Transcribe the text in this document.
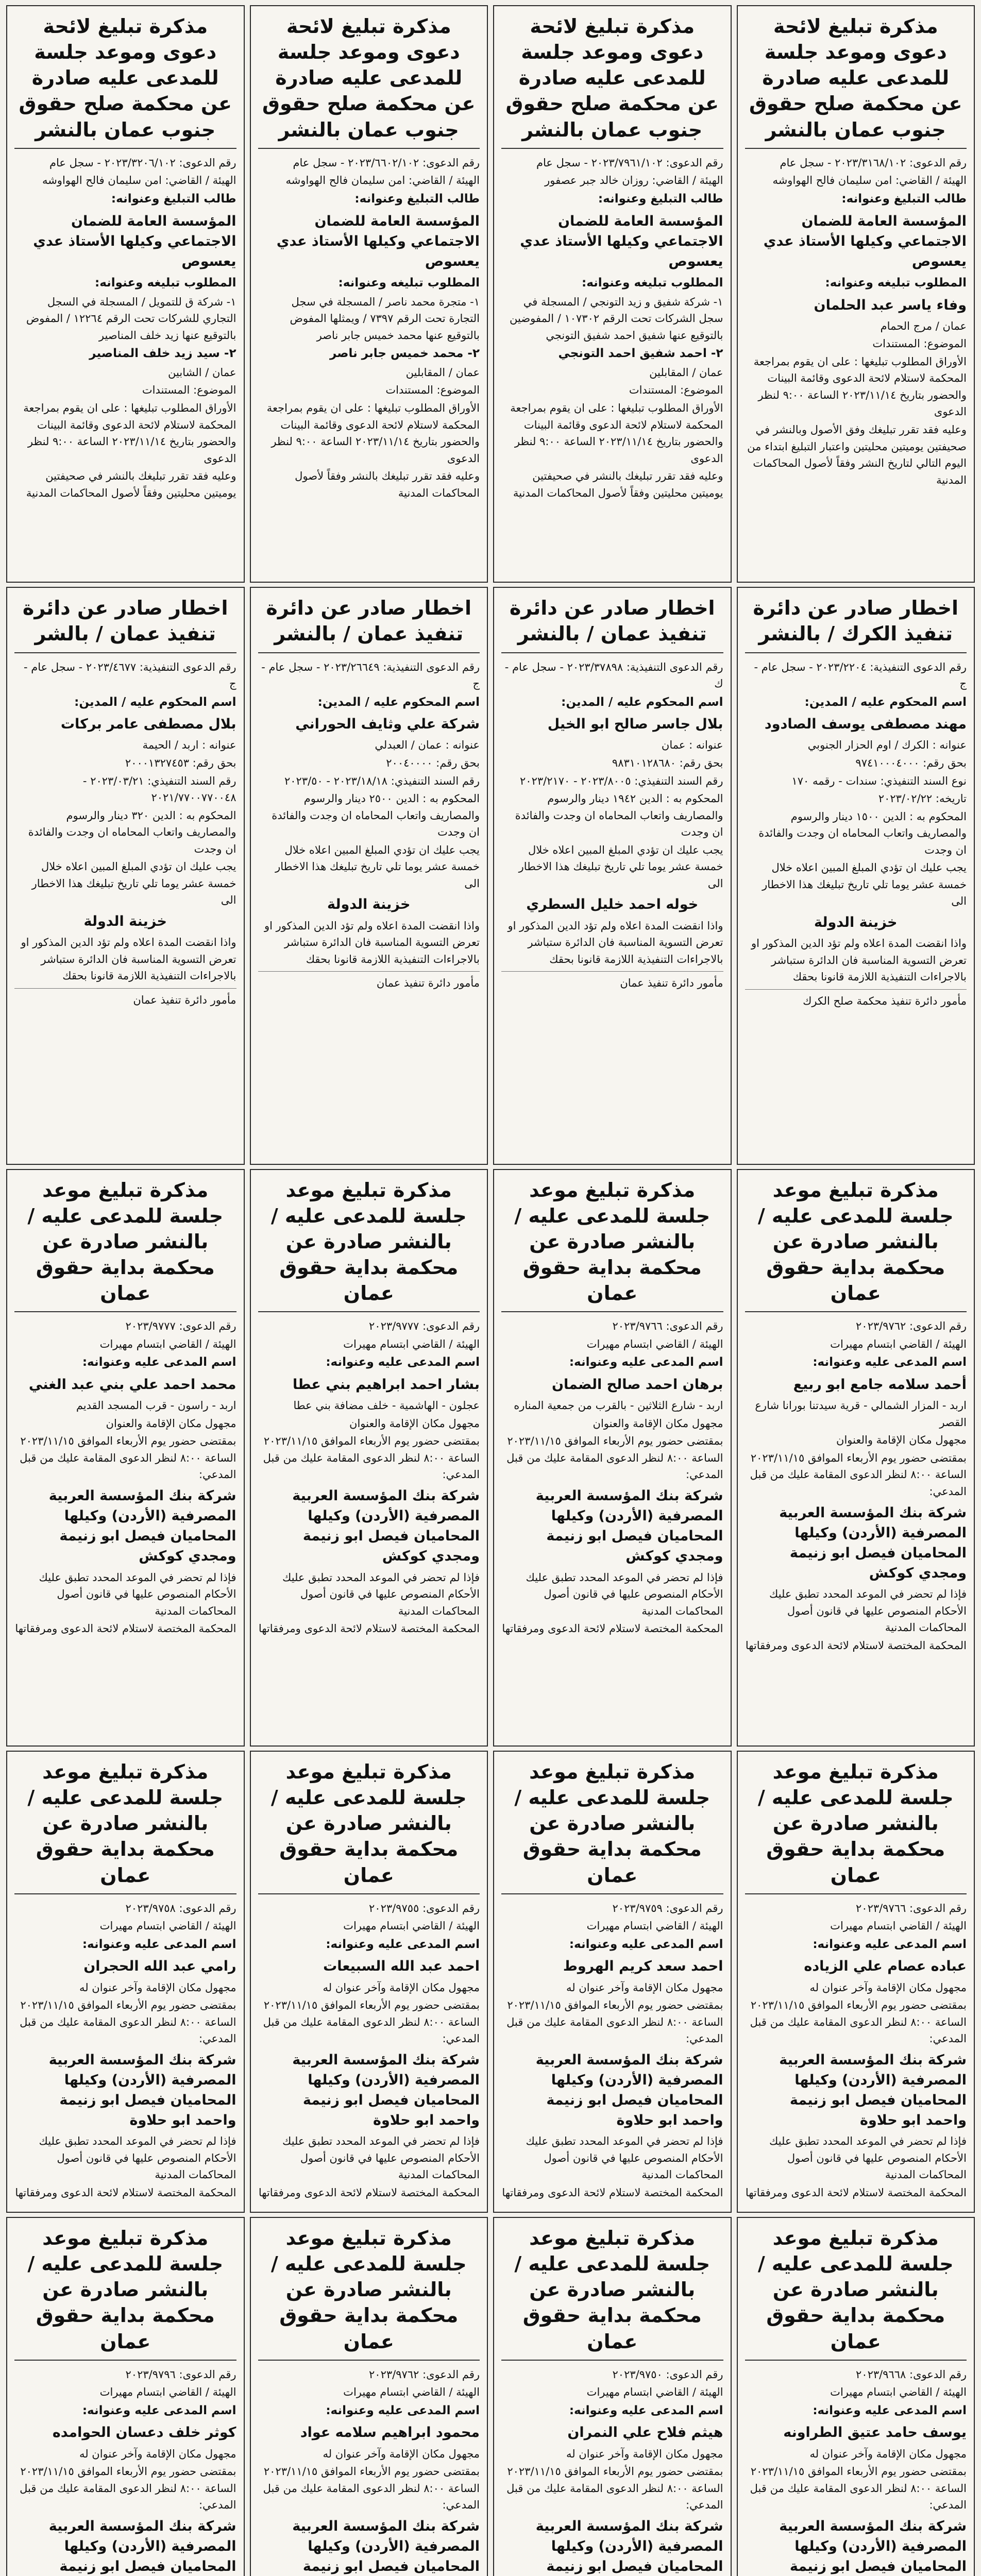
مذكرة تبليغ لائحة دعوى وموعد جلسة للمدعى عليه صادرة عن محكمة صلح حقوق جنوب عمان بالنشر
رقم الدعوى: ٢٠٢٣/٣١٦٨/١٠٢ - سجل عام
الهيئة / القاضي: امن سليمان فالح الهواوشه
طالب التبليغ وعنوانه:
المؤسسة العامة للضمان الاجتماعي وكيلها الأستاذ عدي يعسوص
المطلوب تبليغه وعنوانه:
وفاء ياسر عبد الحلمان
عمان / مرج الحمام
الموضوع: المستندات
الأوراق المطلوب تبليغها : على ان يقوم بمراجعة المحكمة لاستلام لائحة الدعوى وقائمة البينات والحضور بتاريخ ٢٠٢٣/١١/١٤ الساعة ٩:٠٠ لنظر الدعوى
وعليه فقد تقرر تبليغك وفق الأصول وبالنشر في صحيفتين يوميتين محليتين واعتبار التبليغ ابتداء من اليوم التالي لتاريخ النشر وفقاً لأصول المحاكمات المدنية
مذكرة تبليغ لائحة دعوى وموعد جلسة للمدعى عليه صادرة عن محكمة صلح حقوق جنوب عمان بالنشر
رقم الدعوى: ٢٠٢٣/٧٩٦١/١٠٢ - سجل عام
الهيئة / القاضي: روزان خالد جبر عصفور
طالب التبليغ وعنوانه:
المؤسسة العامة للضمان الاجتماعي وكيلها الأستاذ عدي يعسوص
المطلوب تبليغه وعنوانه:
١- شركة شفيق و زيد التونجي / المسجلة في سجل الشركات تحت الرقم ١٠٧٣٠٢ / المفوضين بالتوقيع عنها شفيق احمد شفيق التونجي
٢- احمد شفيق احمد التونجي
عمان / المقابلين
الموضوع: المستندات
الأوراق المطلوب تبليغها : على ان يقوم بمراجعة المحكمة لاستلام لائحة الدعوى وقائمة البينات والحضور بتاريخ ٢٠٢٣/١١/١٤ الساعة ٩:٠٠ لنظر الدعوى
وعليه فقد تقرر تبليغك بالنشر في صحيفتين يوميتين محليتين وفقاً لأصول المحاكمات المدنية
مذكرة تبليغ لائحة دعوى وموعد جلسة للمدعى عليه صادرة عن محكمة صلح حقوق جنوب عمان بالنشر
رقم الدعوى: ٢٠٢٣/٦٦٠٢/١٠٢ - سجل عام
الهيئة / القاضي: امن سليمان فالح الهواوشه
طالب التبليغ وعنوانه:
المؤسسة العامة للضمان الاجتماعي وكيلها الأستاذ عدي يعسوص
المطلوب تبليغه وعنوانه:
١- متجرة محمد ناصر / المسجلة في سجل التجارة تحت الرقم ٧٣٩٧ / ويمثلها المفوض بالتوقيع عنها محمد خميس جابر ناصر
٢- محمد خميس جابر ناصر
عمان / المقابلين
الموضوع: المستندات
الأوراق المطلوب تبليغها : على ان يقوم بمراجعة المحكمة لاستلام لائحة الدعوى وقائمة البينات والحضور بتاريخ ٢٠٢٣/١١/١٤ الساعة ٩:٠٠ لنظر الدعوى
وعليه فقد تقرر تبليغك بالنشر وفقاً لأصول المحاكمات المدنية
مذكرة تبليغ لائحة دعوى وموعد جلسة للمدعى عليه صادرة عن محكمة صلح حقوق جنوب عمان بالنشر
رقم الدعوى: ٢٠٢٣/٣٢٠٦/١٠٢ - سجل عام
الهيئة / القاضي: امن سليمان فالح الهواوشه
طالب التبليغ وعنوانه:
المؤسسة العامة للضمان الاجتماعي وكيلها الأستاذ عدي يعسوص
المطلوب تبليغه وعنوانه:
١- شركة ق للتمويل / المسجلة في السجل التجاري للشركات تحت الرقم ١٢٢٦٤ / المفوض بالتوقيع عنها زيد خلف المناصير
٢- سيد زيد خلف المناصير
عمان / الشابين
الموضوع: المستندات
الأوراق المطلوب تبليغها : على ان يقوم بمراجعة المحكمة لاستلام لائحة الدعوى وقائمة البينات والحضور بتاريخ ٢٠٢٣/١١/١٤ الساعة ٩:٠٠ لنظر الدعوى
وعليه فقد تقرر تبليغك بالنشر في صحيفتين يوميتين محليتين وفقاً لأصول المحاكمات المدنية
اخطار صادر عن دائرة تنفيذ الكرك / بالنشر
رقم الدعوى التنفيذية: ٢٠٢٣/٢٢٠٤ - سجل عام - ج
اسم المحكوم عليه / المدين:
مهند مصطفى يوسف الصادود
عنوانه : الكرك / اوم الحزار الجنوبي
بحق رقم: ٩٧٤١٠٠٠٤٠٠٠
نوع السند التنفيذي: سندات - رقمه ١٧٠
تاريخه: ٢٠٢٣/٠٢/٢٢
المحكوم به : الدين ١٥٠٠ دينار والرسوم والمصاريف واتعاب المحاماه ان وجدت والفائدة ان وجدت
يجب عليك ان تؤدي المبلغ المبين اعلاه خلال خمسة عشر يوما تلي تاريخ تبليغك هذا الاخطار الى
خزينة الدولة
واذا انقضت المدة اعلاه ولم تؤد الدين المذكور او تعرض التسوية المناسبة فان الدائرة ستباشر بالاجراءات التنفيذية اللازمة قانونا بحقك
مأمور دائرة تنفيذ محكمة صلح الكرك
اخطار صادر عن دائرة تنفيذ عمان / بالنشر
رقم الدعوى التنفيذية: ٢٠٢٣/٣٧٨٩٨ - سجل عام - ك
اسم المحكوم عليه / المدين:
بلال جاسر صالح ابو الخيل
عنوانه : عمان
بحق رقم: ٩٨٣١٠١٢٨٦٨٠
رقم السند التنفيذي: ٢٠٢٣/٨٠٠٥ - ٢٠٢٣/٢١٧٠
المحكوم به : الدين ١٩٤٢ دينار والرسوم والمصاريف واتعاب المحاماه ان وجدت والفائدة ان وجدت
يجب عليك ان تؤدي المبلغ المبين اعلاه خلال خمسة عشر يوما تلي تاريخ تبليغك هذا الاخطار الى
خوله احمد خليل السطري
واذا انقضت المدة اعلاه ولم تؤد الدين المذكور او تعرض التسوية المناسبة فان الدائرة ستباشر بالاجراءات التنفيذية اللازمة قانونا بحقك
مأمور دائرة تنفيذ عمان
اخطار صادر عن دائرة تنفيذ عمان / بالنشر
رقم الدعوى التنفيذية: ٢٠٢٣/٢٦٦٤٩ - سجل عام - ج
اسم المحكوم عليه / المدين:
شركة علي وثايف الحوراني
عنوانه : عمان / العبدلي
بحق رقم: ٢٠٠٤٠٠٠٠
رقم السند التنفيذي: ٢٠٢٣/١٨/١٨ - ٢٠٢٣/٥٠
المحكوم به : الدين ٢٥٠٠ دينار والرسوم والمصاريف واتعاب المحاماه ان وجدت والفائدة ان وجدت
يجب عليك ان تؤدي المبلغ المبين اعلاه خلال خمسة عشر يوما تلي تاريخ تبليغك هذا الاخطار الى
خزينة الدولة
واذا انقضت المدة اعلاه ولم تؤد الدين المذكور او تعرض التسوية المناسبة فان الدائرة ستباشر بالاجراءات التنفيذية اللازمة قانونا بحقك
مأمور دائرة تنفيذ عمان
اخطار صادر عن دائرة تنفيذ عمان / بالشر
رقم الدعوى التنفيذية: ٢٠٢٣/٤٦٧٧ - سجل عام - ج
اسم المحكوم عليه / المدين:
بلال مصطفى عامر بركات
عنوانه : اربد / الحيمة
بحق رقم: ٢٠٠٠١٣٢٧٤٥٣
رقم السند التنفيذي: ٢٠٢٣/٠٣/٢١ - ٢٠٢١/٧٧٠٠٧٧٠٠٤٨
المحكوم به : الدين ٣٢٠ دينار والرسوم والمصاريف واتعاب المحاماه ان وجدت والفائدة ان وجدت
يجب عليك ان تؤدي المبلغ المبين اعلاه خلال خمسة عشر يوما تلي تاريخ تبليغك هذا الاخطار الى
خزينة الدولة
واذا انقضت المدة اعلاه ولم تؤد الدين المذكور او تعرض التسوية المناسبة فان الدائرة ستباشر بالاجراءات التنفيذية اللازمة قانونا بحقك
مأمور دائرة تنفيذ عمان
مذكرة تبليغ موعد جلسة للمدعى عليه / بالنشر صادرة عن محكمة بداية حقوق عمان
رقم الدعوى: ٢٠٢٣/٩٧٦٢
الهيئة / القاضي ابتسام مهيرات
اسم المدعى عليه وعنوانه:
أحمد سلامه جامع ابو ربيع
اربد - المزار الشمالي - قرية سيدتنا بورانا شارع القصر
مجهول مكان الإقامة والعنوان
بمقتضى حضور يوم الأربعاء الموافق ٢٠٢٣/١١/١٥ الساعة ٨:٠٠ لنظر الدعوى المقامة عليك من قبل المدعي:
شركة بنك المؤسسة العربية المصرفية (الأردن) وكيلها المحاميان فيصل ابو زنيمة ومجدي كوكش
فإذا لم تحضر في الموعد المحدد تطبق عليك الأحكام المنصوص عليها في قانون أصول المحاكمات المدنية
المحكمة المختصة لاستلام لائحة الدعوى ومرفقاتها
مذكرة تبليغ موعد جلسة للمدعى عليه / بالنشر صادرة عن محكمة بداية حقوق عمان
رقم الدعوى: ٢٠٢٣/٩٧٦٦
الهيئة / القاضي ابتسام مهيرات
اسم المدعى عليه وعنوانه:
برهان احمد صالح الضمان
اربد - شارع الثلاثين - بالقرب من جمعية المناره
مجهول مكان الإقامة والعنوان
بمقتضى حضور يوم الأربعاء الموافق ٢٠٢٣/١١/١٥ الساعة ٨:٠٠ لنظر الدعوى المقامة عليك من قبل المدعي:
شركة بنك المؤسسة العربية المصرفية (الأردن) وكيلها المحاميان فيصل ابو زنيمة ومجدي كوكش
فإذا لم تحضر في الموعد المحدد تطبق عليك الأحكام المنصوص عليها في قانون أصول المحاكمات المدنية
المحكمة المختصة لاستلام لائحة الدعوى ومرفقاتها
مذكرة تبليغ موعد جلسة للمدعى عليه / بالنشر صادرة عن محكمة بداية حقوق عمان
رقم الدعوى: ٢٠٢٣/٩٧٧٧
الهيئة / القاضي ابتسام مهيرات
اسم المدعى عليه وعنوانه:
بشار احمد ابراهيم بني عطا
عجلون - الهاشمية - خلف مضافة بني عطا
مجهول مكان الإقامة والعنوان
بمقتضى حضور يوم الأربعاء الموافق ٢٠٢٣/١١/١٥ الساعة ٨:٠٠ لنظر الدعوى المقامة عليك من قبل المدعي:
شركة بنك المؤسسة العربية المصرفية (الأردن) وكيلها المحاميان فيصل ابو زنيمة ومجدي كوكش
فإذا لم تحضر في الموعد المحدد تطبق عليك الأحكام المنصوص عليها في قانون أصول المحاكمات المدنية
المحكمة المختصة لاستلام لائحة الدعوى ومرفقاتها
مذكرة تبليغ موعد جلسة للمدعى عليه / بالنشر صادرة عن محكمة بداية حقوق عمان
رقم الدعوى: ٢٠٢٣/٩٧٧٧
الهيئة / القاضي ابتسام مهيرات
اسم المدعى عليه وعنوانه:
محمد احمد علي بني عبد الغني
اربد - راسون - قرب المسجد القديم
مجهول مكان الإقامة والعنوان
بمقتضى حضور يوم الأربعاء الموافق ٢٠٢٣/١١/١٥ الساعة ٨:٠٠ لنظر الدعوى المقامة عليك من قبل المدعي:
شركة بنك المؤسسة العربية المصرفية (الأردن) وكيلها المحاميان فيصل ابو زنيمة ومجدي كوكش
فإذا لم تحضر في الموعد المحدد تطبق عليك الأحكام المنصوص عليها في قانون أصول المحاكمات المدنية
المحكمة المختصة لاستلام لائحة الدعوى ومرفقاتها
مذكرة تبليغ موعد جلسة للمدعى عليه / بالنشر صادرة عن محكمة بداية حقوق عمان
رقم الدعوى: ٢٠٢٣/٩٧٦٦
الهيئة / القاضي ابتسام مهيرات
اسم المدعى عليه وعنوانه:
عباده عصام علي الزياده
مجهول مكان الإقامة وآخر عنوان له
بمقتضى حضور يوم الأربعاء الموافق ٢٠٢٣/١١/١٥ الساعة ٨:٠٠ لنظر الدعوى المقامة عليك من قبل المدعي:
شركة بنك المؤسسة العربية المصرفية (الأردن) وكيلها المحاميان فيصل ابو زنيمة واحمد ابو حلاوة
فإذا لم تحضر في الموعد المحدد تطبق عليك الأحكام المنصوص عليها في قانون أصول المحاكمات المدنية
المحكمة المختصة لاستلام لائحة الدعوى ومرفقاتها
مذكرة تبليغ موعد جلسة للمدعى عليه / بالنشر صادرة عن محكمة بداية حقوق عمان
رقم الدعوى: ٢٠٢٣/٩٧٥٩
الهيئة / القاضي ابتسام مهيرات
اسم المدعى عليه وعنوانه:
احمد سعد كريم الهروط
مجهول مكان الإقامة وآخر عنوان له
بمقتضى حضور يوم الأربعاء الموافق ٢٠٢٣/١١/١٥ الساعة ٨:٠٠ لنظر الدعوى المقامة عليك من قبل المدعي:
شركة بنك المؤسسة العربية المصرفية (الأردن) وكيلها المحاميان فيصل ابو زنيمة واحمد ابو حلاوة
فإذا لم تحضر في الموعد المحدد تطبق عليك الأحكام المنصوص عليها في قانون أصول المحاكمات المدنية
المحكمة المختصة لاستلام لائحة الدعوى ومرفقاتها
مذكرة تبليغ موعد جلسة للمدعى عليه / بالنشر صادرة عن محكمة بداية حقوق عمان
رقم الدعوى: ٢٠٢٣/٩٧٥٥
الهيئة / القاضي ابتسام مهيرات
اسم المدعى عليه وعنوانه:
احمد عبد الله السبيعات
مجهول مكان الإقامة وآخر عنوان له
بمقتضى حضور يوم الأربعاء الموافق ٢٠٢٣/١١/١٥ الساعة ٨:٠٠ لنظر الدعوى المقامة عليك من قبل المدعي:
شركة بنك المؤسسة العربية المصرفية (الأردن) وكيلها المحاميان فيصل ابو زنيمة واحمد ابو حلاوة
فإذا لم تحضر في الموعد المحدد تطبق عليك الأحكام المنصوص عليها في قانون أصول المحاكمات المدنية
المحكمة المختصة لاستلام لائحة الدعوى ومرفقاتها
مذكرة تبليغ موعد جلسة للمدعى عليه / بالنشر صادرة عن محكمة بداية حقوق عمان
رقم الدعوى: ٢٠٢٣/٩٧٥٨
الهيئة / القاضي ابتسام مهيرات
اسم المدعى عليه وعنوانه:
رامي عبد الله الحجران
مجهول مكان الإقامة وآخر عنوان له
بمقتضى حضور يوم الأربعاء الموافق ٢٠٢٣/١١/١٥ الساعة ٨:٠٠ لنظر الدعوى المقامة عليك من قبل المدعي:
شركة بنك المؤسسة العربية المصرفية (الأردن) وكيلها المحاميان فيصل ابو زنيمة واحمد ابو حلاوة
فإذا لم تحضر في الموعد المحدد تطبق عليك الأحكام المنصوص عليها في قانون أصول المحاكمات المدنية
المحكمة المختصة لاستلام لائحة الدعوى ومرفقاتها
مذكرة تبليغ موعد جلسة للمدعى عليه / بالنشر صادرة عن محكمة بداية حقوق عمان
رقم الدعوى: ٢٠٢٣/٩٦٦٨
الهيئة / القاضي ابتسام مهيرات
اسم المدعى عليه وعنوانه:
يوسف حامد عتيق الطراونه
مجهول مكان الإقامة وآخر عنوان له
بمقتضى حضور يوم الأربعاء الموافق ٢٠٢٣/١١/١٥ الساعة ٨:٠٠ لنظر الدعوى المقامة عليك من قبل المدعي:
شركة بنك المؤسسة العربية المصرفية (الأردن) وكيلها المحاميان فيصل ابو زنيمة
مذكرة تبليغ موعد جلسة للمدعى عليه / بالنشر صادرة عن محكمة بداية حقوق عمان
رقم الدعوى: ٢٠٢٣/٩٧٥٠
الهيئة / القاضي ابتسام مهيرات
اسم المدعى عليه وعنوانه:
هيثم فلاح علي النمران
مجهول مكان الإقامة وآخر عنوان له
بمقتضى حضور يوم الأربعاء الموافق ٢٠٢٣/١١/١٥ الساعة ٨:٠٠ لنظر الدعوى المقامة عليك من قبل المدعي:
شركة بنك المؤسسة العربية المصرفية (الأردن) وكيلها المحاميان فيصل ابو زنيمة
مذكرة تبليغ موعد جلسة للمدعى عليه / بالنشر صادرة عن محكمة بداية حقوق عمان
رقم الدعوى: ٢٠٢٣/٩٧٦٢
الهيئة / القاضي ابتسام مهيرات
اسم المدعى عليه وعنوانه:
محمود ابراهيم سلامه عواد
مجهول مكان الإقامة وآخر عنوان له
بمقتضى حضور يوم الأربعاء الموافق ٢٠٢٣/١١/١٥ الساعة ٨:٠٠ لنظر الدعوى المقامة عليك من قبل المدعي:
شركة بنك المؤسسة العربية المصرفية (الأردن) وكيلها المحاميان فيصل ابو زنيمة
مذكرة تبليغ موعد جلسة للمدعى عليه / بالنشر صادرة عن محكمة بداية حقوق عمان
رقم الدعوى: ٢٠٢٣/٩٧٩٦
الهيئة / القاضي ابتسام مهيرات
اسم المدعى عليه وعنوانه:
كوثر خلف دعسان الحوامده
مجهول مكان الإقامة وآخر عنوان له
بمقتضى حضور يوم الأربعاء الموافق ٢٠٢٣/١١/١٥ الساعة ٨:٠٠ لنظر الدعوى المقامة عليك من قبل المدعي:
شركة بنك المؤسسة العربية المصرفية (الأردن) وكيلها المحاميان فيصل ابو زنيمة
